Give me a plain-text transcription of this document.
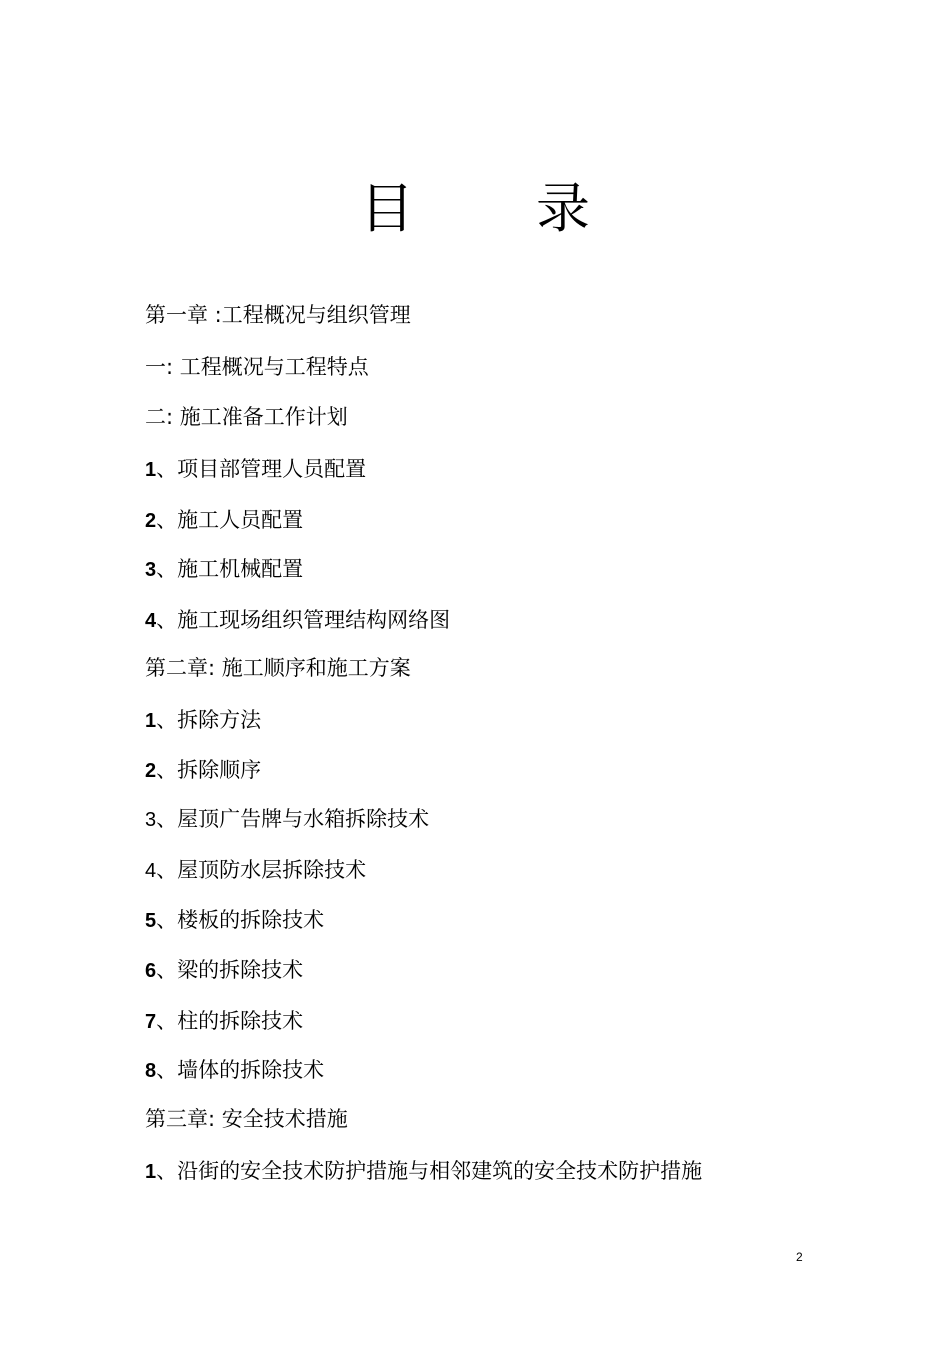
目 录
第一章 :工程概况与组织管理
一: 工程概况与工程特点
二: 施工准备工作计划
1、项目部管理人员配置
2、施工人员配置
3、施工机械配置
4、施工现场组织管理结构网络图
第二章: 施工顺序和施工方案
1、拆除方法
2、拆除顺序
3、屋顶广告牌与水箱拆除技术
4、屋顶防水层拆除技术
5、楼板的拆除技术
6、梁的拆除技术
7、柱的拆除技术
8、墙体的拆除技术
第三章: 安全技术措施
1、沿街的安全技术防护措施与相邻建筑的安全技术防护措施
2
